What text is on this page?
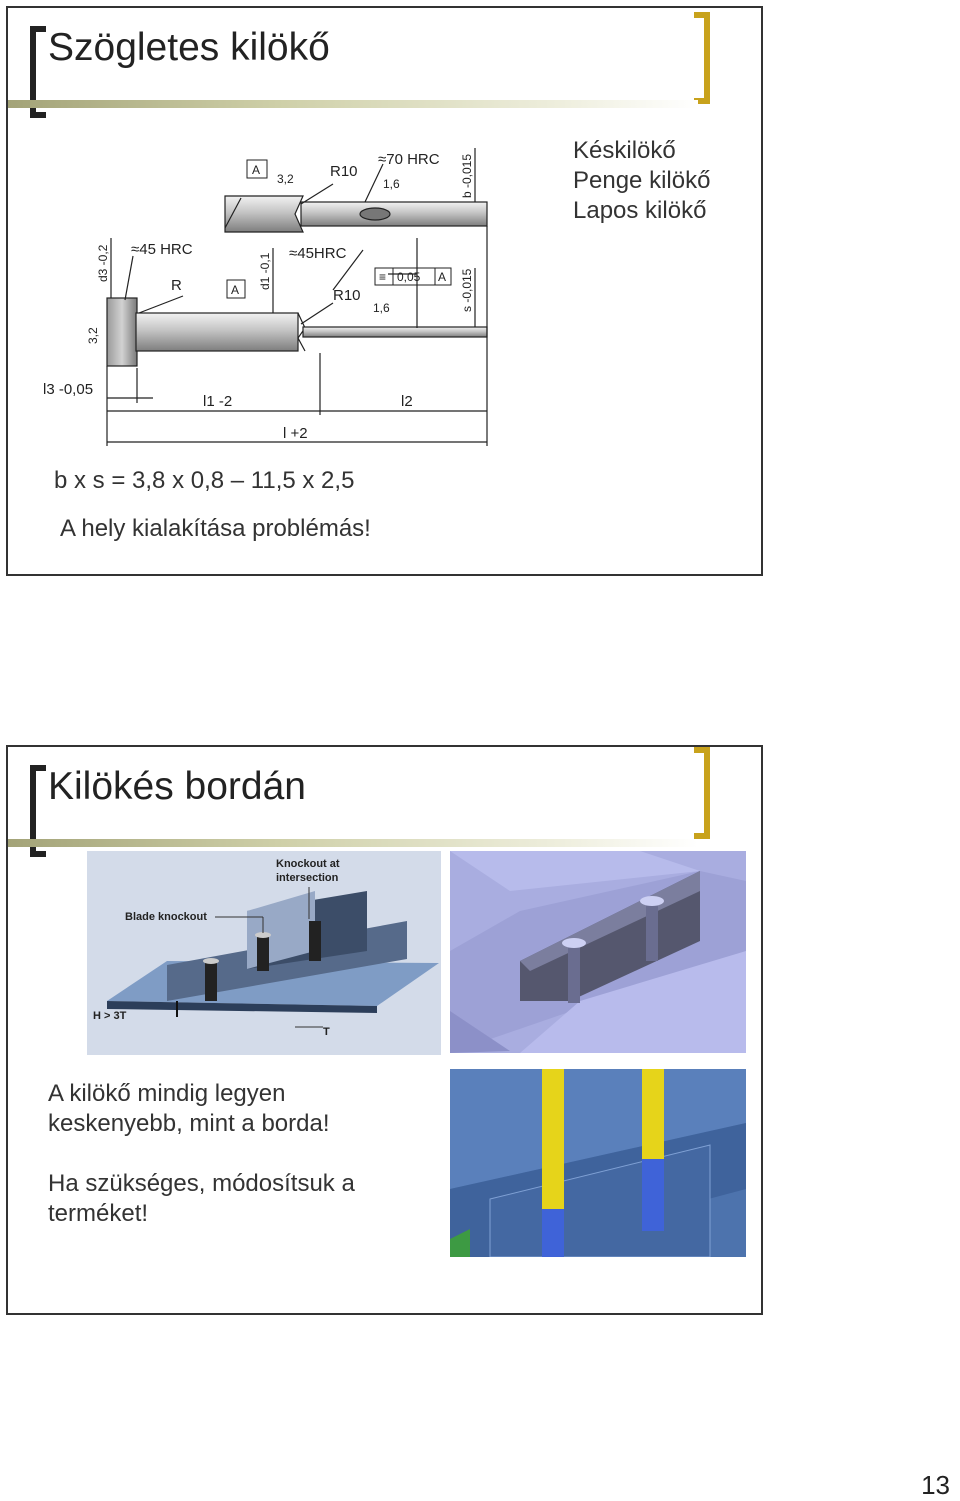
Szögletes kilökő
Késkilökő
Penge kilökő
Lapos kilökő
≈70 HRC
≈45 HRC	≈45HRC
R10
R10
R
l3 -0,05
l1 -2	l2
l +2
A
A
3,2
3,2
1,6
1,6
≡ 0,05 A
d3 -0,2	d1 -0,1
b -0,015
s -0,015
b x s = 3,8 x 0,8 – 11,5 x 2,5
A hely kialakítása problémás!
Kilökés bordán
Knockout at
intersection
Blade knockout
H > 3T
T
A kilökő mindig legyen
keskenyebb, mint a borda!
Ha szükséges, módosítsuk a
terméket!
13
